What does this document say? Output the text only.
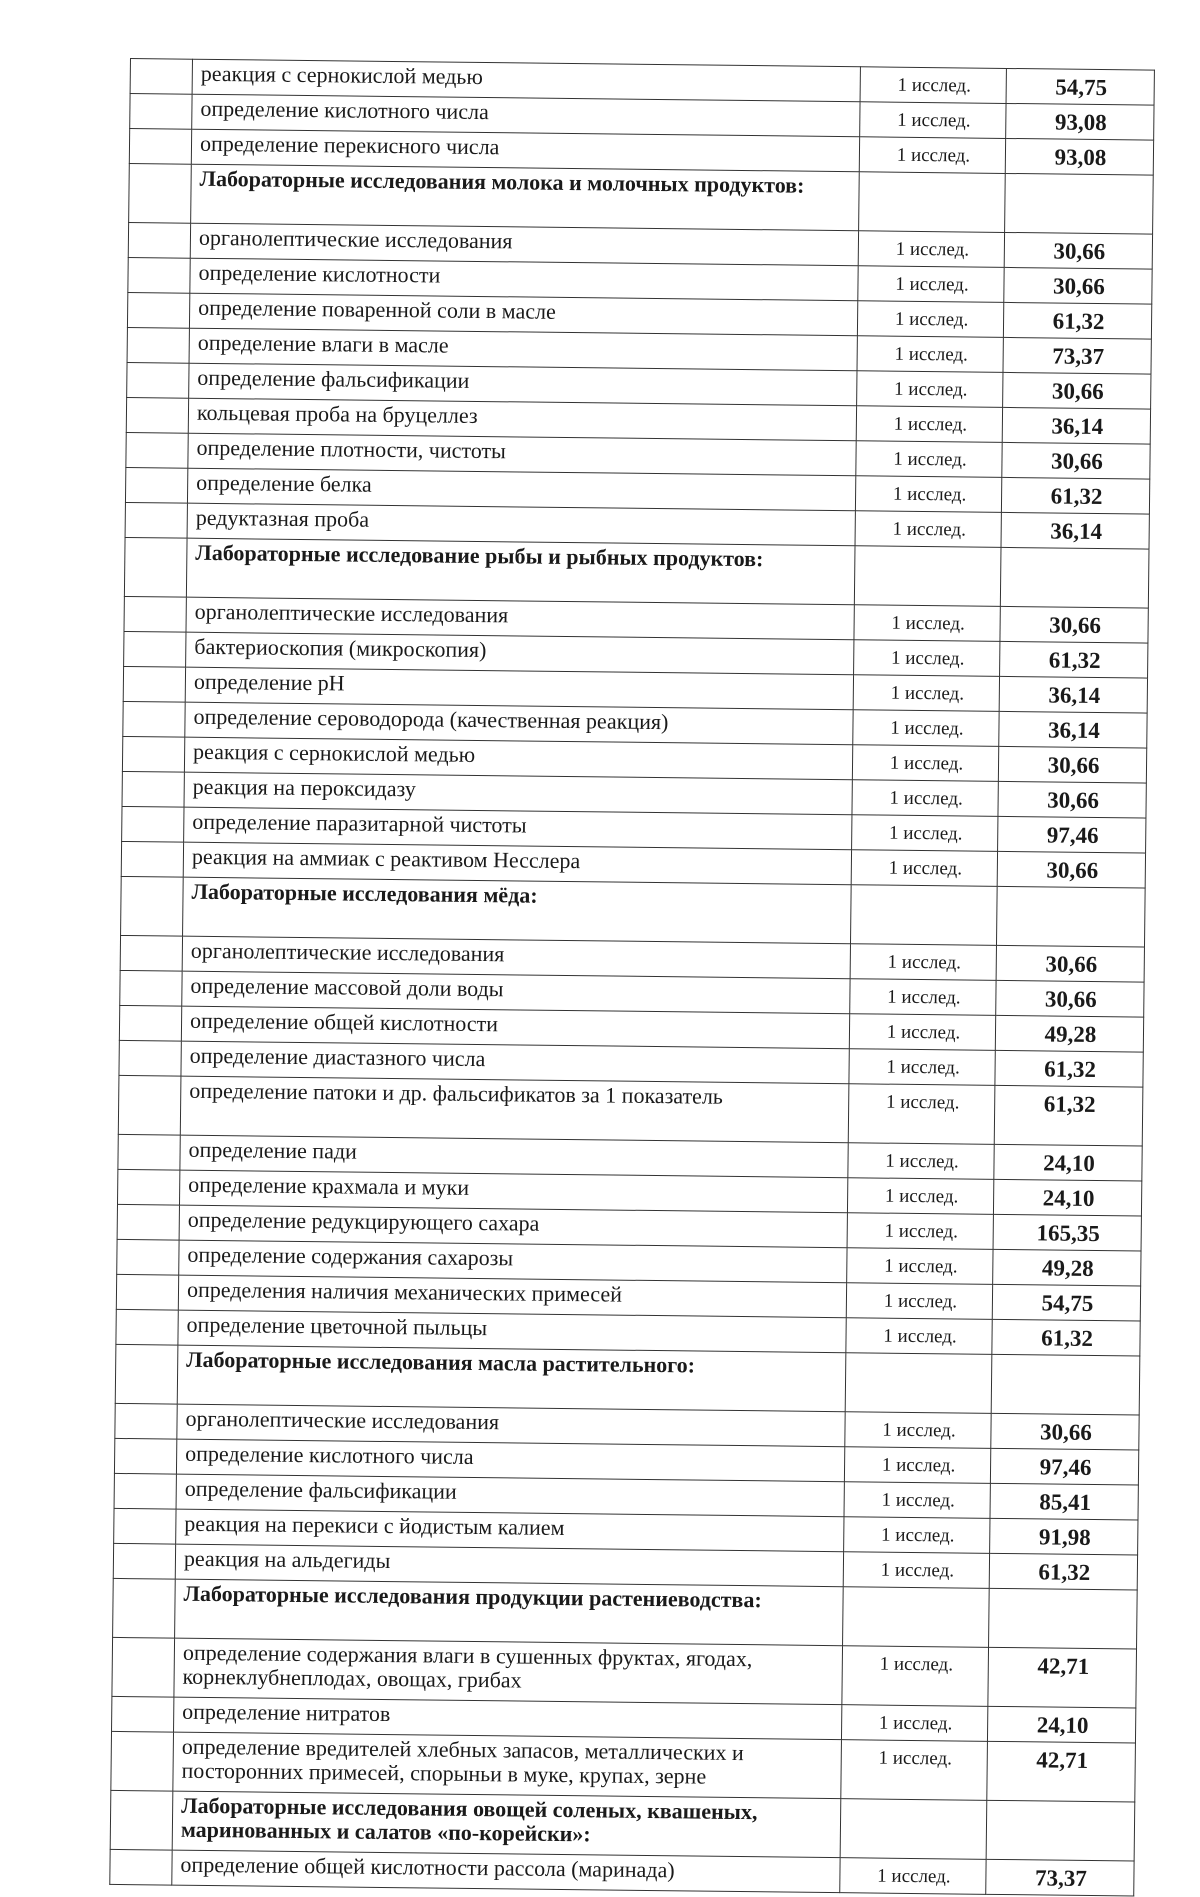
	реакция с сернокислой медью	1 исслед.	54,75
	определение кислотного числа	1 исслед.	93,08
	определение перекисного числа	1 исслед.	93,08
	Лабораторные исследования молока и молочных продуктов:		
	органолептические исследования	1 исслед.	30,66
	определение кислотности	1 исслед.	30,66
	определение поваренной соли в масле	1 исслед.	61,32
	определение влаги в масле	1 исслед.	73,37
	определение фальсификации	1 исслед.	30,66
	кольцевая проба на бруцеллез	1 исслед.	36,14
	определение плотности, чистоты	1 исслед.	30,66
	определение белка	1 исслед.	61,32
	редуктазная проба	1 исслед.	36,14
	Лабораторные исследование рыбы и рыбных продуктов:		
	органолептические исследования	1 исслед.	30,66
	бактериоскопия (микроскопия)	1 исслед.	61,32
	определение pH	1 исслед.	36,14
	определение сероводорода (качественная реакция)	1 исслед.	36,14
	реакция с сернокислой медью	1 исслед.	30,66
	реакция на пероксидазу	1 исслед.	30,66
	определение паразитарной чистоты	1 исслед.	97,46
	реакция на аммиак с реактивом Несслера	1 исслед.	30,66
	Лабораторные исследования мёда:		
	органолептические исследования	1 исслед.	30,66
	определение массовой доли воды	1 исслед.	30,66
	определение общей кислотности	1 исслед.	49,28
	определение диастазного числа	1 исслед.	61,32
	определение патоки и др. фальсификатов за 1 показатель	1 исслед.	61,32
	определение пади	1 исслед.	24,10
	определение крахмала и муки	1 исслед.	24,10
	определение редукцирующего сахара	1 исслед.	165,35
	определение содержания сахарозы	1 исслед.	49,28
	определения наличия механических примесей	1 исслед.	54,75
	определение цветочной пыльцы	1 исслед.	61,32
	Лабораторные исследования масла растительного:		
	органолептические исследования	1 исслед.	30,66
	определение кислотного числа	1 исслед.	97,46
	определение фальсификации	1 исслед.	85,41
	реакция на перекиси с йодистым калием	1 исслед.	91,98
	реакция на альдегиды	1 исслед.	61,32
	Лабораторные исследования продукции растениеводства:		
	определение содержания влаги в сушенных фруктах, ягодах, корнеклубнеплодах, овощах, грибах	1 исслед.	42,71
	определение нитратов	1 исслед.	24,10
	определение вредителей хлебных запасов, металлических и посторонних примесей, спорыньи в муке, крупах, зерне	1 исслед.	42,71
	Лабораторные исследования овощей соленых, квашеных, маринованных и салатов «по-корейски»:		
	определение общей кислотности рассола (маринада)	1 исслед.	73,37
